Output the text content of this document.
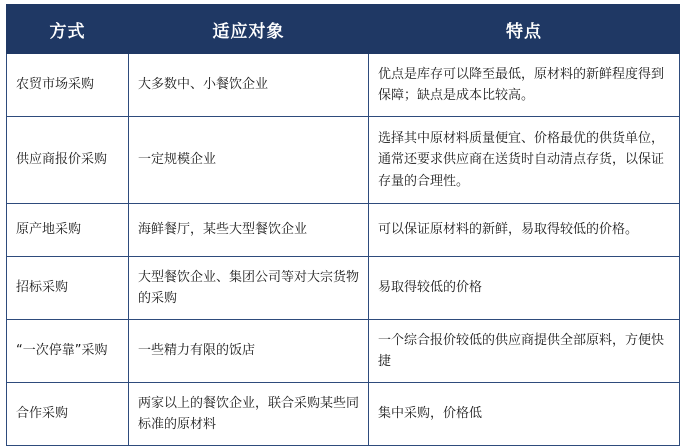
方式	适应对象	特点
农贸市场采购	大多数中、小餐饮企业	优点是库存可以降至最低，原材料的新鲜程度得到保障；缺点是成本比较高。
供应商报价采购	一定规模企业	选择其中原材料质量便宜、价格最优的供货单位，通常还要求供应商在送货时自动清点存货，以保证存量的合理性。
原产地采购	海鲜餐厅，某些大型餐饮企业	可以保证原材料的新鲜，易取得较低的价格。
招标采购	大型餐饮企业、集团公司等对大宗货物的采购	易取得较低的价格
“一次停靠”采购	一些精力有限的饭店	一个综合报价较低的供应商提供全部原料，方便快捷
合作采购	两家以上的餐饮企业，联合采购某些同标准的原材料	集中采购，价格低
